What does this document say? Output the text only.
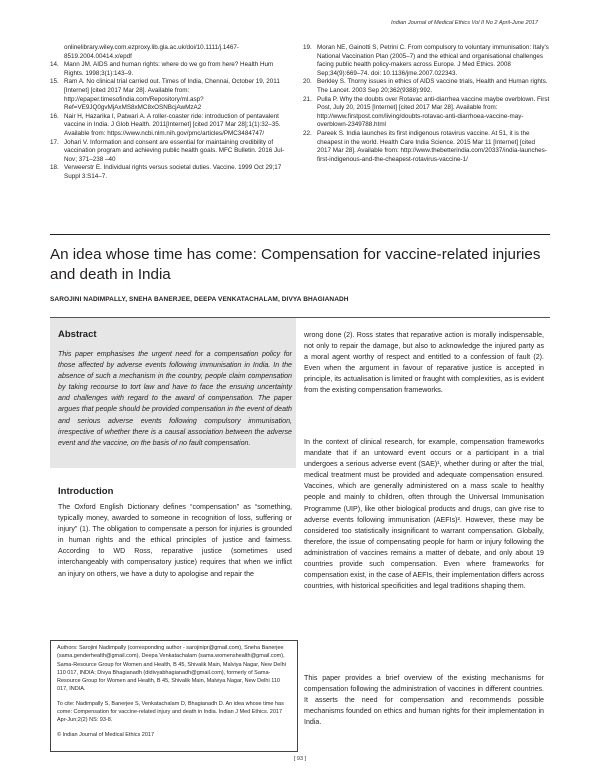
Indian Journal of Medical Ethics Vol II No 2 April-June 2017
onlinelibrary.wiley.com.ezproxy.lib.gla.ac.uk/doi/10.1111/j.1467-8519.2004.00414.x/epdf
14. Mann JM. AIDS and human rights: where do we go from here? Health Hum Rights. 1998;3(1):143–9.
15. Ram A. No clinical trial carried out. Times of India, Chennai, October 19, 2011 [Internet] [cited 2017 Mar 28]. Available from: http://epaper.timesofindia.com/Repository/ml.asp?Ref=VE9JQ0gvMjAxMS8xMC8xOSNBcjAwMzA2
16. Nair H, Hazarika I, Patwari A. A roller-coaster ride: introduction of pentavalent vaccine in India. J Glob Health. 2011[Internet] [cited 2017 Mar 28];1(1):32–35. Available from: https://www.ncbi.nlm.nih.gov/pmc/articles/PMC3484747/
17. Johari V. Information and consent are essential for maintaining credibility of vaccination program and achieving public health goals. MFC Bulletin. 2016 Jul-Nov; 371–238 –40
18. Verweerstr E. Individual rights versus societal duties. Vaccine. 1999 Oct 29;17 Suppl 3:S14–7.
19. Moran NE, Gainotti S, Petrini C. From compulsory to voluntary immunisation: Italy's National Vaccination Plan (2005–7) and the ethical and organisational challenges facing public health policy-makers across Europe. J Med Ethics. 2008 Sep;34(9):669–74. doi: 10.1136/jme.2007.022343.
20. Berkley S. Thorny issues in ethics of AIDS vaccine trials, Health and Human rights. The Lancet. 2003 Sep 20;362(9388):992.
21. Pulla P. Why the doubts over Rotavac anti-diarrhea vaccine maybe overblown. First Post, July 20, 2015 [Internet] [cited 2017 Mar 28]. Available from: http://www.firstpost.com/living/doubts-rotavac-anti-diarrhoea-vaccine-may-overblown-2349788.html
22. Pareek S. India launches its first indigenous rotavirus vaccine. At 51, it is the cheapest in the world. Health Care India Science. 2015 Mar 11 [Internet] [cited 2017 Mar 28]. Available from: http://www.thebetterindia.com/20337/india-launches-first-indigenous-and-the-cheapest-rotavirus-vaccine-1/
An idea whose time has come: Compensation for vaccine-related injuries and death in India
SAROJINI NADIMPALLY, SNEHA BANERJEE, DEEPA VENKATACHALAM, DIVYA BHAGIANADH
Abstract
This paper emphasises the urgent need for a compensation policy for those affected by adverse events following immunisation in India. In the absence of such a mechanism in the country, people claim compensation by taking recourse to tort law and have to face the ensuing uncertainty and challenges with regard to the award of compensation. The paper argues that people should be provided compensation in the event of death and serious adverse events following compulsory immunisation, irrespective of whether there is a causal association between the adverse event and the vaccine, on the basis of no fault compensation.
Introduction
The Oxford English Dictionary defines “compensation” as “something, typically money, awarded to someone in recognition of loss, suffering or injury” (1). The obligation to compensate a person for injuries is grounded in human rights and the ethical principles of justice and fairness. According to WD Ross, reparative justice (sometimes used interchangeably with compensatory justice) requires that when we inflict an injury on others, we have a duty to apologise and repair the
wrong done (2). Ross states that reparative action is morally indispensable, not only to repair the damage, but also to acknowledge the injured party as a moral agent worthy of respect and entitled to a confession of fault (2). Even when the argument in favour of reparative justice is accepted in principle, its actualisation is limited or fraught with complexities, as is evident from the existing compensation frameworks.
In the context of clinical research, for example, compensation frameworks mandate that if an untoward event occurs or a participant in a trial undergoes a serious adverse event (SAE)¹, whether during or after the trial, medical treatment must be provided and adequate compensation ensured. Vaccines, which are generally administered on a mass scale to healthy people and mainly to children, often through the Universal Immunisation Programme (UIP), like other biological products and drugs, can give rise to adverse events following immunisation (AEFIs)². However, these may be considered too statistically insignificant to warrant compensation. Globally, therefore, the issue of compensating people for harm or injury following the administration of vaccines remains a matter of debate, and only about 19 countries provide such compensation. Even where frameworks for compensation exist, in the case of AEFIs, their implementation differs across countries, with historical specificities and legal traditions shaping them.
This paper provides a brief overview of the existing mechanisms for compensation following the administration of vaccines in different countries. It asserts the need for compensation and recommends possible mechanisms founded on ethics and human rights for their implementation in India.

Authors: Sarojini Nadimpally (corresponding author - sarojinipr@gmail.com), Sneha Banerjee (sama.genderhealth@gmail.com), Deepa Venkatachalam (sama.womenshealth@gmail.com), Sama-Resource Group for Women and Health, B 45, Shivalik Main, Malviya Nagar, New Delhi 110 017, INDIA; Divya Bhagianadh (didivyabhagianadh@gmail.com), formerly of Sama-Resource Group for Women and Health, B 45, Shivalik Main, Malviya Nagar, New Delhi 110 017, INDIA.

To cite: Nadimpally S, Banerjee S, Venkatachalam D, Bhagianadh D. An idea whose time has come: Compensation for vaccine-related injury and death in India. Indian J Med Ethics. 2017 Apr-Jun;2(2) NS: 93-8.

© Indian Journal of Medical Ethics 2017

[ 93 ]
